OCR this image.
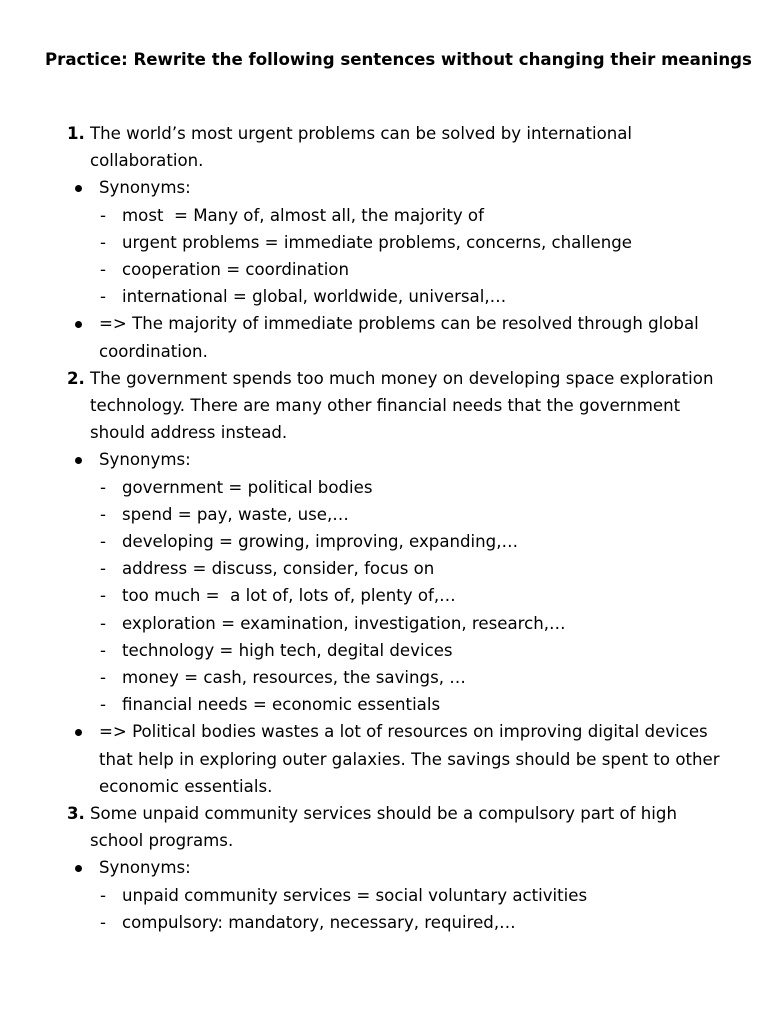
Practice: Rewrite the following sentences without changing their meanings
1. The world’s most urgent problems can be solved by international collaboration.
Synonyms:
- most  = Many of, almost all, the majority of
- urgent problems = immediate problems, concerns, challenge
- cooperation = coordination
- international = global, worldwide, universal,…
=> The majority of immediate problems can be resolved through global coordination.
2. The government spends too much money on developing space exploration technology. There are many other financial needs that the government should address instead.
Synonyms:
- government = political bodies
- spend = pay, waste, use,…
- developing = growing, improving, expanding,…
- address = discuss, consider, focus on
- too much =  a lot of, lots of, plenty of,…
- exploration = examination, investigation, research,…
- technology = high tech, degital devices
- money = cash, resources, the savings, …
- financial needs = economic essentials
=> Political bodies wastes a lot of resources on improving digital devices that help in exploring outer galaxies. The savings should be spent to other economic essentials.
3. Some unpaid community services should be a compulsory part of high school programs.
Synonyms:
- unpaid community services = social voluntary activities
- compulsory: mandatory, necessary, required,…
